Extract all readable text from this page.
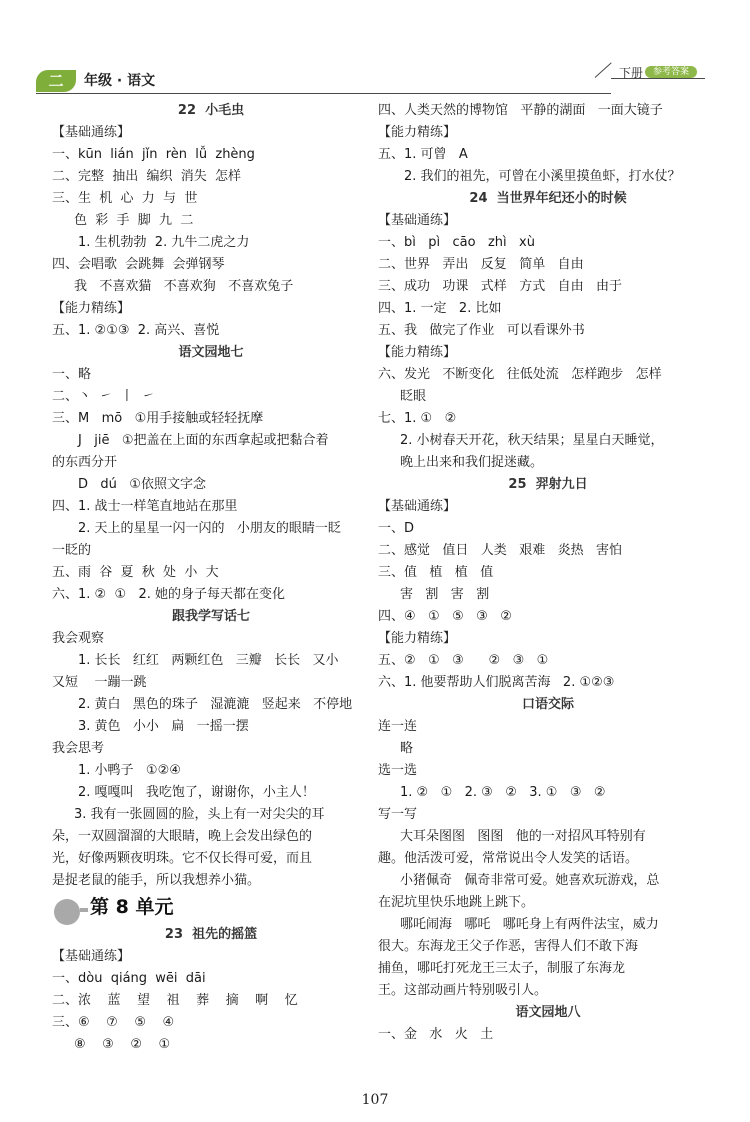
二	年级 · 语文	下册	参考答案
22  小毛虫
【基础通练】
一、kūn  lián  jǐn  rèn  lǚ  zhèng
二、完整  抽出  编织  消失  怎样
三、生  机  心  力  与  世
色  彩  手  脚  九  二
1. 生机勃勃  2. 九牛二虎之力
四、会唱歌  会跳舞  会弹钢琴
我   不喜欢猫   不喜欢狗   不喜欢兔子
【能力精练】
五、1. ②①③  2. 高兴、喜悦
语文园地七
一、略
二、丶  ㇀  丨  ㇀
三、M   mō   ①用手接触或轻轻抚摩
J   jiē   ①把盖在上面的东西拿起或把黏合着
的东西分开
D   dú   ①依照文字念
四、1. 战士一样笔直地站在那里
2. 天上的星星一闪一闪的   小朋友的眼睛一眨
一眨的
五、雨  谷  夏  秋  处  小  大
六、1. ②  ①   2. 她的身子每天都在变化
跟我学写话七
我会观察
1. 长长   红红   两颗红色   三瓣   长长   又小
又短    一蹦一跳
2. 黄白   黑色的珠子   湿漉漉   竖起来   不停地
3. 黄色   小小   扁   一摇一摆
我会思考
1. 小鸭子   ①②④
2. 嘎嘎叫   我吃饱了，谢谢你，小主人！
3. 我有一张圆圆的脸，头上有一对尖尖的耳
朵，一双圆溜溜的大眼睛，晚上会发出绿色的
光，好像两颗夜明珠。它不仅长得可爱，而且
是捉老鼠的能手，所以我想养小猫。
第 8 单元
23  祖先的摇篮
【基础通练】
一、dòu  qiáng  wēi  dāi
二、浓    蓝    望    祖    葬    摘    啊    忆
三、⑥    ⑦    ⑤    ④
⑧    ③    ②    ①
四、人类天然的博物馆   平静的湖面   一面大镜子
【能力精练】
五、1. 可曾   A
2. 我们的祖先，可曾在小溪里摸鱼虾，打水仗？
24  当世界年纪还小的时候
【基础通练】
一、bì   pì   cāo   zhì   xù
二、世界   弄出   反复   简单   自由
三、成功   功课   式样   方式   自由   由于
四、1. 一定   2. 比如
五、我   做完了作业   可以看课外书
【能力精练】
六、发光   不断变化   往低处流   怎样跑步   怎样
眨眼
七、1. ①   ②
2. 小树春天开花，秋天结果；星星白天睡觉，
晚上出来和我们捉迷藏。
25  羿射九日
【基础通练】
一、D
二、感觉   值日   人类   艰难   炎热   害怕
三、值   植   植   值
害   割   害   割
四、④   ①   ⑤   ③   ②
【能力精练】
五、②   ①   ③      ②   ③   ①
六、1. 他要帮助人们脱离苦海   2. ①②③
口语交际
连一连
略
选一选
1. ②   ①   2. ③   ②   3. ①   ③   ②
写一写
大耳朵图图   图图   他的一对招风耳特别有
趣。他活泼可爱，常常说出令人发笑的话语。
小猪佩奇   佩奇非常可爱。她喜欢玩游戏，总
在泥坑里快乐地跳上跳下。
哪吒闹海   哪吒   哪吒身上有两件法宝，威力
很大。东海龙王父子作恶，害得人们不敢下海
捕鱼，哪吒打死龙王三太子，制服了东海龙
王。这部动画片特别吸引人。
语文园地八
一、金   水   火   土
107
